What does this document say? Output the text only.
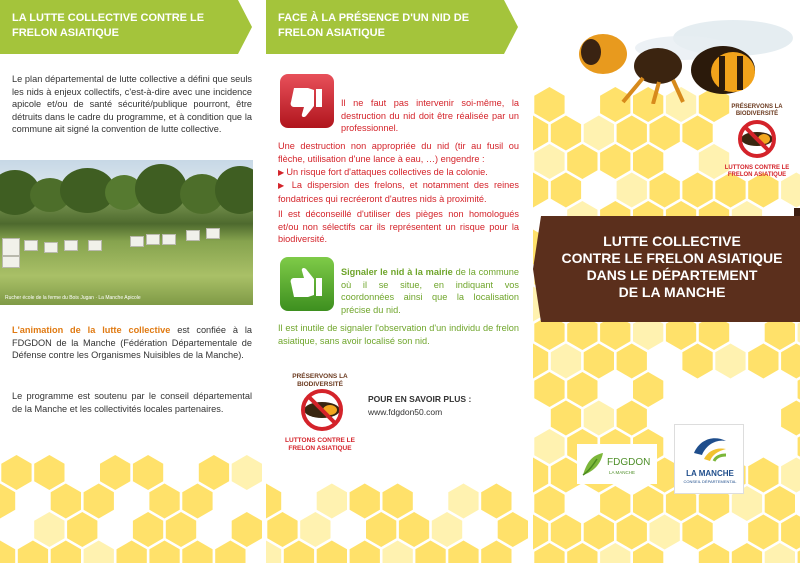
LA LUTTE COLLECTIVE CONTRE LE FRELON ASIATIQUE

Le plan départemental de lutte collective a défini que seuls les nids à enjeux collectifs, c'est-à-dire avec une incidence apicole et/ou de santé sécurité/publique pourront, être détruits dans le cadre du programme, et à condition que la commune ait signé la convention de lutte collective.

Rucher école de la ferme du Bois Jugan · La Manche Apicole

L'animation de la lutte collective est confiée à la FDGDON de la Manche (Fédération Départementale de Défense contre les Organismes Nuisibles de la Manche).

Le programme est soutenu par le conseil départemental de la Manche et les collectivités locales partenaires.

FACE À LA PRÉSENCE D'UN NID DE FRELON ASIATIQUE

Il ne faut pas intervenir soi-même, la destruction du nid doit être réalisée par un professionnel.

Une destruction non appropriée du nid (tir au fusil ou flèche, utilisation d'une lance à eau, …) engendre :

▶ Un risque fort d'attaques collectives de la colonie.

▶ La dispersion des frelons, et notamment des reines fondatrices qui recréeront d'autres nids à proximité.

Il est déconseillé d'utiliser des pièges non homologués et/ou non sélectifs car ils représentent un risque pour la biodiversité.

Signaler le nid à la mairie de la commune où il se situe, en indiquant vos coordonnées ainsi que la localisation précise du nid.

Il est inutile de signaler l'observation d'un individu de frelon asiatique, sans avoir localisé son nid.

PRÉSERVONS LA BIODIVERSITÉ
LUTTONS CONTRE LE FRELON ASIATIQUE
POUR EN SAVOIR PLUS :
www.fdgdon50.com
PRÉSERVONS LA BIODIVERSITÉ
LUTTONS CONTRE LE FRELON ASIATIQUE
LUTTE COLLECTIVE
CONTRE LE FRELON ASIATIQUE
DANS LE DÉPARTEMENT
DE LA MANCHE
FDGDON
LA MANCHE	LA MANCHE
CONSEIL DÉPARTEMENTAL
